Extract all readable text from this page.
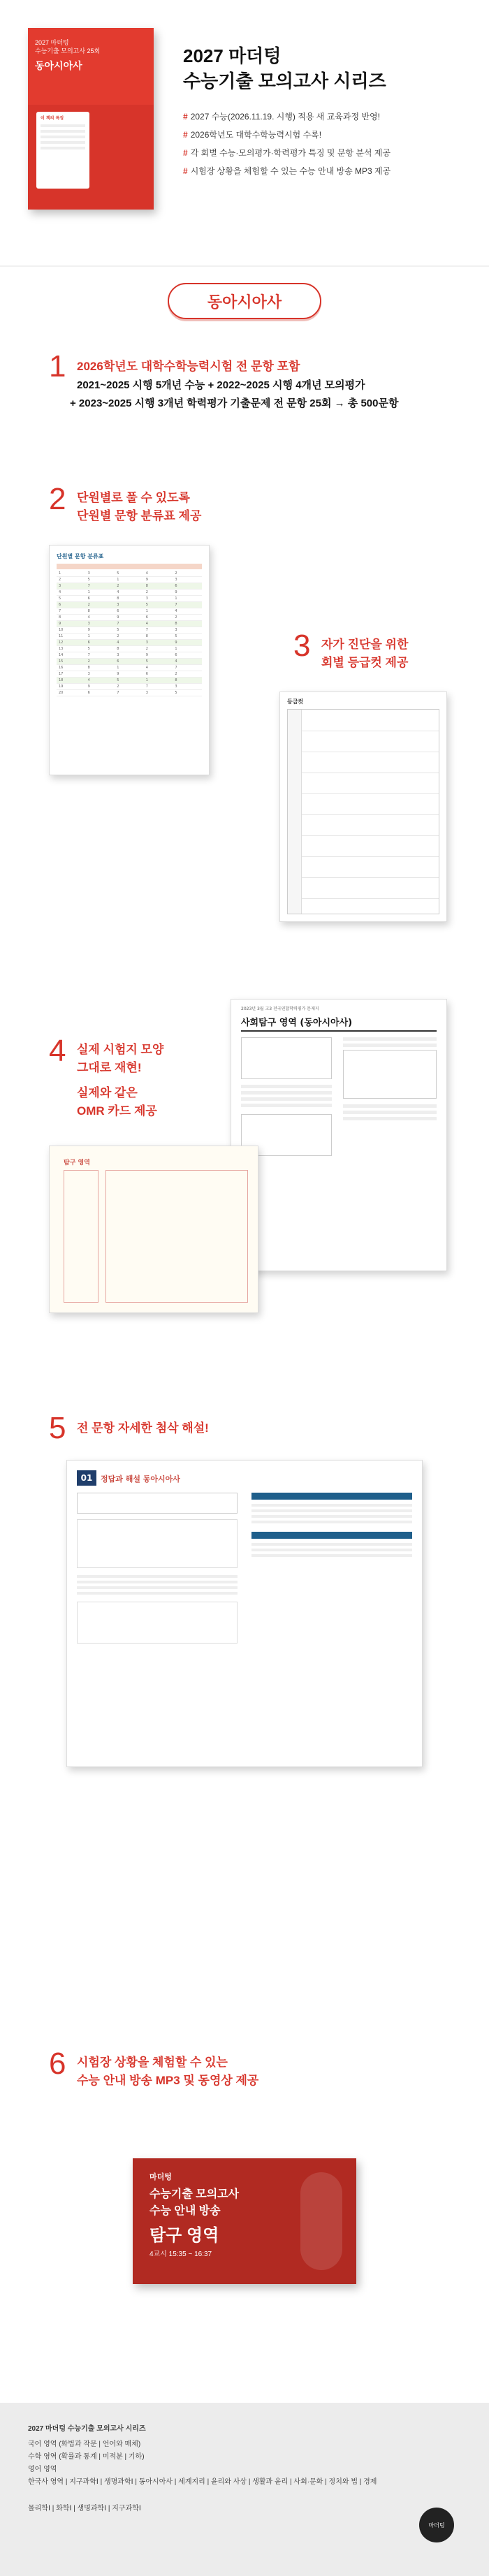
2027 마더텅
수능기출 모의고사 25회
동아시아사
이 책의 특징
2027 마더텅
수능기출 모의고사 시리즈
# 2027 수능(2026.11.19. 시행) 적용 새 교육과정 반영!
# 2026학년도 대학수학능력시험 수록!
# 각 회별 수능·모의평가·학력평가 특징 및 문항 분석 제공
# 시험장 상황을 체험할 수 있는 수능 안내 방송 MP3 제공
동아시아사
1 2026학년도 대학수학능력시험 전 문항 포함
2021~2025 시행 5개년 수능 + 2022~2025 시행 4개년 모의평가
+ 2023~2025 시행 3개년 학력평가 기출문제 전 문항 25회 → 총 500문항
2 단원별로 풀 수 있도록
단원별 문항 분류표 제공
단원별 문항 분류표
1	3	5	4	2
2	5	1	9	3
3	7	2	8	6
4	1	4	2	9
5	6	8	3	1
6	2	3	5	7
7	8	6	1	4
8	4	9	6	2
9	3	7	4	8
10	9	5	7	3
11	1	2	8	5
12	6	4	3	9
13	5	8	2	1
14	7	3	9	6
15	2	6	5	4
16	8	1	4	7
17	3	9	6	2
18	4	5	1	8
19	9	2	7	3
20	6	7	3	5
3 자가 진단을 위한
회별 등급컷 제공
등급컷
4 실제 시험지 모양
그대로 재현!
실제와 같은
OMR 카드 제공
2023년 3월 고3 전국연합학력평가 문제지
사회탐구 영역 (동아시아사)
탐구 영역
5 전 문항 자세한 첨삭 해설!
01	정답과 해설 동아시아사
6 시험장 상황을 체험할 수 있는
수능 안내 방송 MP3 및 동영상 제공
마더텅
수능기출 모의고사
수능 안내 방송
탐구 영역
4교시 15:35 ~ 16:37
2027 마더텅 수능기출 모의고사 시리즈
국어 영역 (화법과 작문 | 언어와 매체)
수학 영역 (확률과 통계 | 미적분 | 기하)
영어 영역
한국사 영역 | 지구과학Ⅰ | 생명과학Ⅰ | 동아시아사 | 세계지리 | 윤리와 사상 | 생활과 윤리 | 사회·문화 | 정치와 법 | 경제
물리학Ⅰ | 화학Ⅰ | 생명과학Ⅰ | 지구과학Ⅰ
마더텅
